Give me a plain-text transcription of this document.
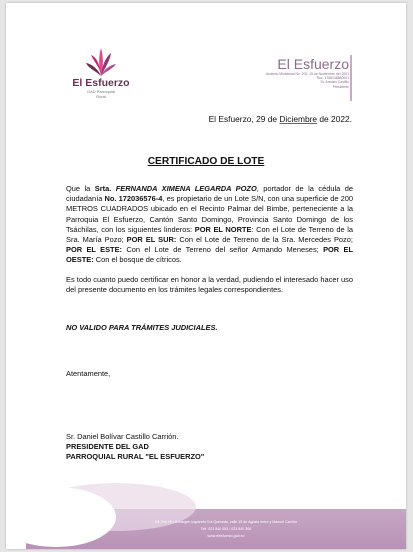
El Esfuerzo
GAD Parroquial
Rural
El Esfuerzo
Acuerdo Ministerial No. 202, 15 de Noviembre del 2001
Ruc. 1768138880001
Sr. Arévalo Castillo
Presidente
El Esfuerzo, 29 de Diciembre de 2022.
CERTIFICADO DE LOTE

Que la Srta. FERNANDA XIMENA LEGARDA POZO, portador de la cédula de ciudadanía No. 172036576-4, es propietario de un Lote S/N, con una superficie de 200 METROS CUADRADOS ubicado en el Recinto Palmar del Bimbe, perteneciente a la Parroquia El Esfuerzo, Cantón Santo Domingo, Provincia Santo Domingo de los Tsáchilas, con los siguientes linderos: POR EL NORTE: Con el Lote de Terreno de la Sra. María Pozo; POR EL SUR: Con el Lote de Terreno de la Sra. Mercedes Pozo; POR EL ESTE: Con el Lote de Terreno del señor Armando Meneses; POR EL OESTE: Con el bosque de cítricos.

Es todo cuanto puedo certificar en honor a la verdad, pudiendo el interesado hacer uso del presente documento en los trámites legales correspondientes.

NO VALIDO PARA TRÁMITES JUDICIALES.
Atentamente,
Sr. Daniel Bolívar Castillo Carrión.
PRESIDENTE DEL GAD
PARROQUIAL RURAL "EL ESFUERZO"
Dir. Km 19 • A margen izquierdo Vía Quevedo, calle 15 de Agosto entre y Manuel Carrión
Telf. 023 840 053 / 023 840 306
www.elesfuerzo.gob.ec
